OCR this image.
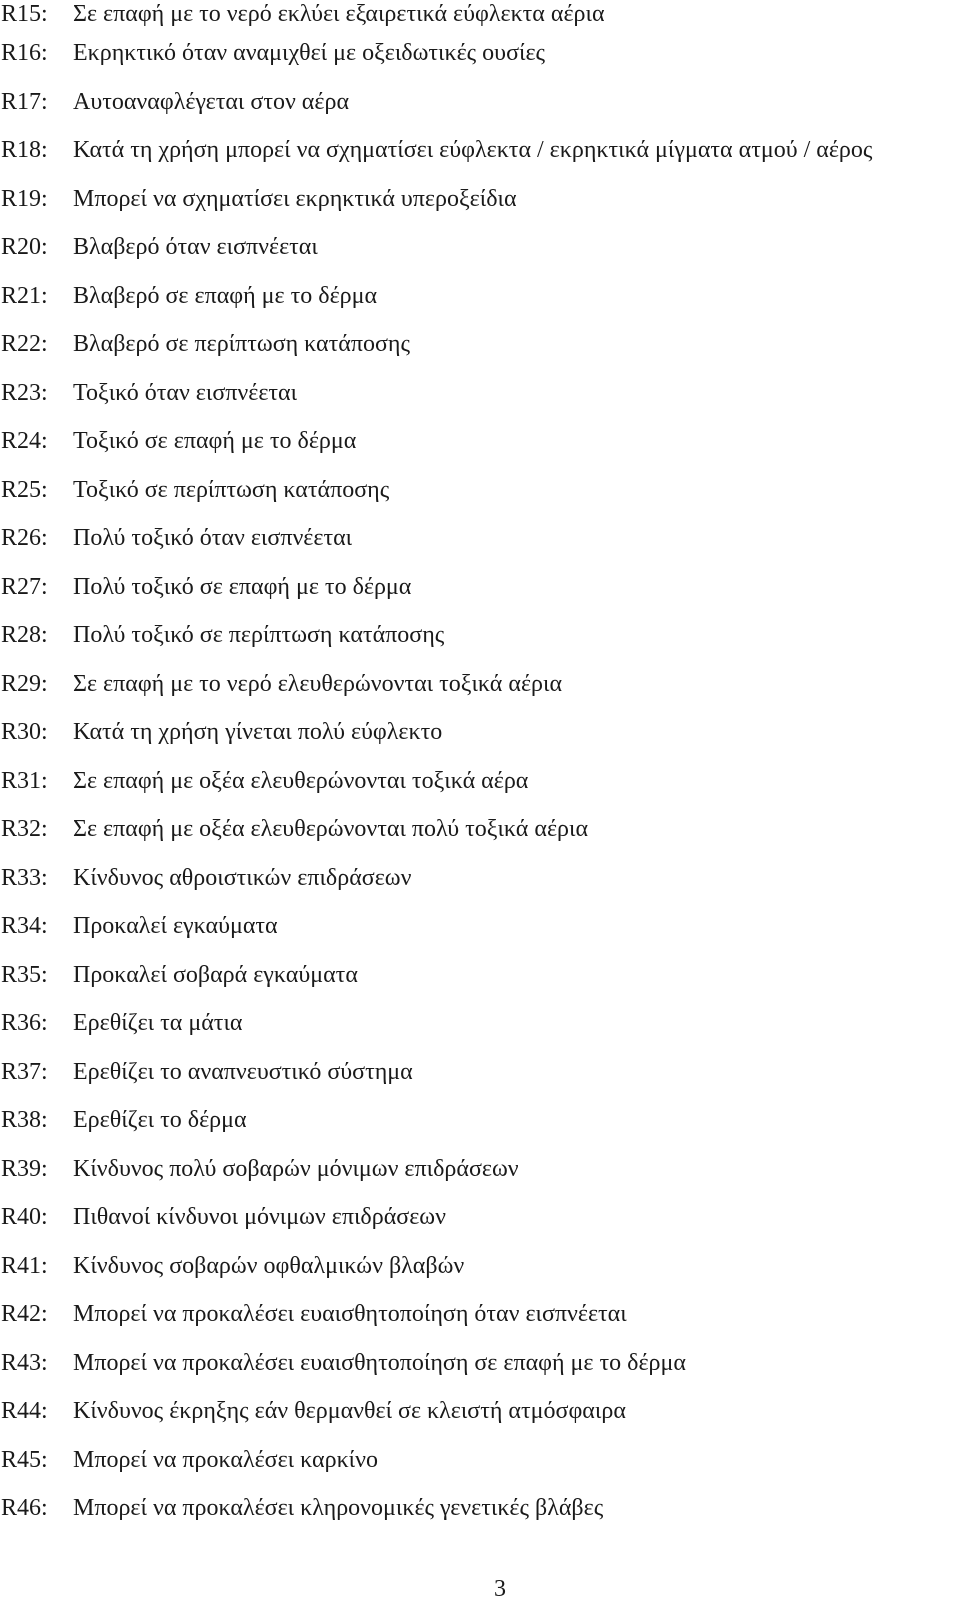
R15:	Σε επαφή με το νερό εκλύει εξαιρετικά εύφλεκτα αέρια
R16:	Εκρηκτικό όταν αναμιχθεί με οξειδωτικές ουσίες
R17:	Αυτοαναφλέγεται στον αέρα
R18:	Κατά τη χρήση μπορεί να σχηματίσει εύφλεκτα / εκρηκτικά μίγματα ατμού / αέρος
R19:	Μπορεί να σχηματίσει εκρηκτικά υπεροξείδια
R20:	Βλαβερό όταν εισπνέεται
R21:	Βλαβερό σε επαφή με το δέρμα
R22:	Βλαβερό σε περίπτωση κατάποσης
R23:	Τοξικό όταν εισπνέεται
R24:	Τοξικό σε επαφή με το δέρμα
R25:	Τοξικό σε περίπτωση κατάποσης
R26:	Πολύ τοξικό όταν εισπνέεται
R27:	Πολύ τοξικό σε επαφή με το δέρμα
R28:	Πολύ τοξικό σε περίπτωση κατάποσης
R29:	Σε επαφή με το νερό ελευθερώνονται τοξικά αέρια
R30:	Κατά τη χρήση γίνεται πολύ εύφλεκτο
R31:	Σε επαφή με οξέα ελευθερώνονται τοξικά αέρα
R32:	Σε επαφή με οξέα ελευθερώνονται πολύ τοξικά αέρια
R33:	Κίνδυνος αθροιστικών επιδράσεων
R34:	Προκαλεί εγκαύματα
R35:	Προκαλεί σοβαρά εγκαύματα
R36:	Ερεθίζει τα μάτια
R37:	Ερεθίζει το αναπνευστικό σύστημα
R38:	Ερεθίζει το δέρμα
R39:	Κίνδυνος πολύ σοβαρών μόνιμων επιδράσεων
R40:	Πιθανοί κίνδυνοι μόνιμων επιδράσεων
R41:	Κίνδυνος σοβαρών οφθαλμικών βλαβών
R42:	Μπορεί να προκαλέσει ευαισθητοποίηση όταν εισπνέεται
R43:	Μπορεί να προκαλέσει ευαισθητοποίηση σε επαφή με το δέρμα
R44:	Κίνδυνος έκρηξης εάν θερμανθεί σε κλειστή ατμόσφαιρα
R45:	Μπορεί να προκαλέσει καρκίνο
R46:	Μπορεί να προκαλέσει κληρονομικές γενετικές βλάβες
3
